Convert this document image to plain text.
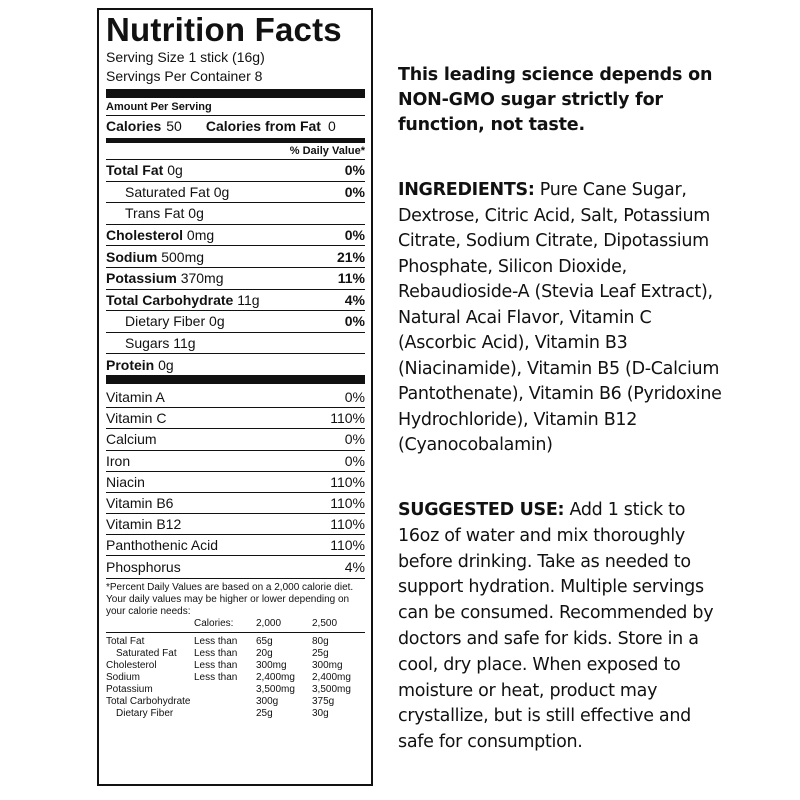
Nutrition Facts
Serving Size 1 stick (16g)
Servings Per Container 8
Amount Per Serving
Calories 50 Calories from Fat 0
% Daily Value*
Total Fat 0g	0%
Saturated Fat 0g	0%
Trans Fat 0g
Cholesterol 0mg	0%
Sodium 500mg	21%
Potassium 370mg	11%
Total Carbohydrate 11g	4%
Dietary Fiber 0g	0%
Sugars 11g
Protein 0g
Vitamin A	0%
Vitamin C	110%
Calcium	0%
Iron	0%
Niacin	110%
Vitamin B6	110%
Vitamin B12	110%
Panthothenic Acid	110%
Phosphorus	4%
*Percent Daily Values are based on a 2,000 calorie diet. Your daily values may be higher or lower depending on your calorie needs:
	Calories:	2,000	2,500
Total Fat	Less than	65g	80g
Saturated Fat	Less than	20g	25g
Cholesterol	Less than	300mg	300mg
Sodium	Less than	2,400mg	2,400mg
Potassium		3,500mg	3,500mg
Total Carbohydrate		300g	375g
Dietary Fiber		25g	30g
This leading science depends on NON-GMO sugar strictly for function, not taste.
INGREDIENTS: Pure Cane Sugar, Dextrose, Citric Acid, Salt, Potassium Citrate, Sodium Citrate, Dipotassium Phosphate, Silicon Dioxide, Rebaudioside-A (Stevia Leaf Extract), Natural Acai Flavor, Vitamin C (Ascorbic Acid), Vitamin B3 (Niacinamide), Vitamin B5 (D-Calcium Pantothenate), Vitamin B6 (Pyridoxine Hydrochloride), Vitamin B12 (Cyanocobalamin)
SUGGESTED USE: Add 1 stick to 16oz of water and mix thoroughly before drinking. Take as needed to support hydration. Multiple servings can be consumed. Recommended by doctors and safe for kids. Store in a cool, dry place. When exposed to moisture or heat, product may crystallize, but is still effective and safe for consumption.
